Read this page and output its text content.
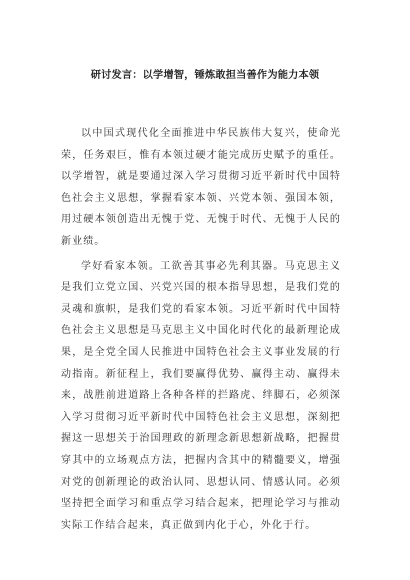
研讨发言：以学增智，锤炼敢担当善作为能力本领

以中国式现代化全面推进中华民族伟大复兴，使命光荣，任务艰巨，惟有本领过硬才能完成历史赋予的重任。以学增智，就是要通过深入学习贯彻习近平新时代中国特色社会主义思想，掌握看家本领、兴党本领、强国本领，用过硬本领创造出无愧于党、无愧于时代、无愧于人民的新业绩。

学好看家本领。工欲善其事必先利其器。马克思主义是我们立党立国、兴党兴国的根本指导思想，是我们党的灵魂和旗帜，是我们党的看家本领。习近平新时代中国特色社会主义思想是马克思主义中国化时代化的最新理论成果，是全党全国人民推进中国特色社会主义事业发展的行动指南。新征程上，我们要赢得优势、赢得主动、赢得未来，战胜前进道路上各种各样的拦路虎、绊脚石，必须深入学习贯彻习近平新时代中国特色社会主义思想，深刻把握这一思想关于治国理政的新理念新思想新战略，把握贯穿其中的立场观点方法，把握内含其中的精髓要义，增强对党的创新理论的政治认同、思想认同、情感认同。必须坚持把全面学习和重点学习结合起来，把理论学习与推动实际工作结合起来，真正做到内化于心，外化于行。
